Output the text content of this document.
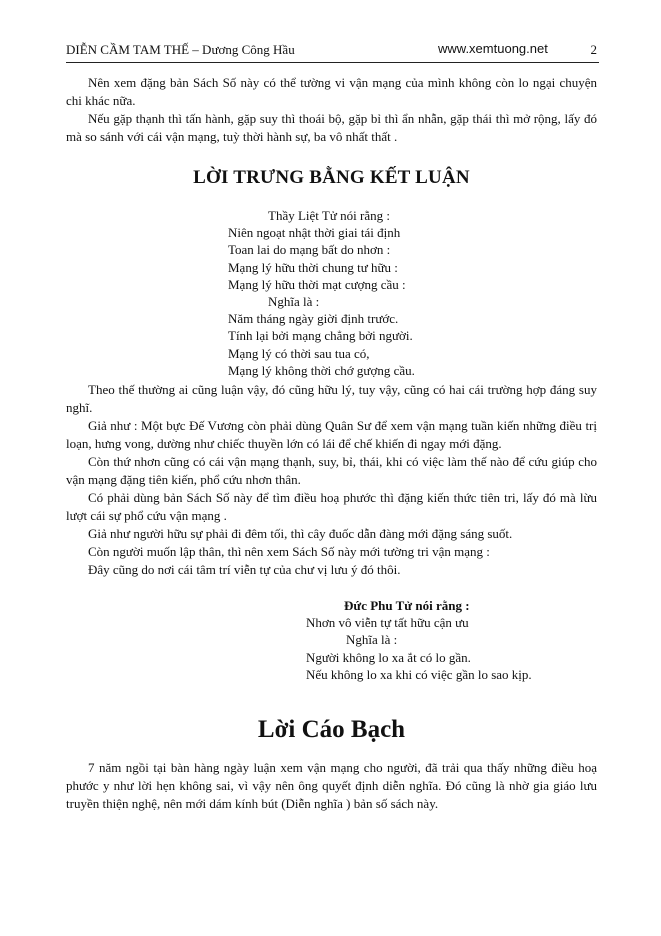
DIỄN CẦM TAM THẾ – Dương Công Hầu	www.xemtuong.net	2

Nên xem đặng bản Sách Số này có thể tường vi vận mạng của mình không còn lo ngại chuyện chi khác nữa.

Nếu gặp thạnh thì tấn hành, gặp suy thì thoái bộ, gặp bỉ thì ẩn nhẫn, gặp thái thì mở rộng, lấy đó mà so sánh với cái vận mạng, tuỳ thời hành sự, ba vô nhất thất .

LỜI TRƯNG BẰNG KẾT LUẬN
Thầy Liệt Tử nói rằng :
Niên ngoạt nhật thời giai tái định
Toan lai do mạng bất do nhơn :
Mạng lý hữu thời chung tư hữu :
Mạng lý hữu thời mạt cượng cầu :
Nghĩa là :
Năm tháng ngày giời định trước.
Tính lại bởi mạng chẳng bởi người.
Mạng lý có thời sau tua có,
Mạng lý không thời chớ gượng cầu.

Theo thế thường ai cũng luận vậy, đó cũng hữu lý, tuy vậy, cũng có hai cái trường hợp đáng suy nghĩ.

Giả như : Một bực Đế Vương còn phải dùng Quân Sư để xem vận mạng tuần kiến những điều trị loạn, hưng vong, dường như chiếc thuyền lớn có lái để chế khiến đi ngay mới đặng.

Còn thứ nhơn cũng có cái vận mạng thạnh, suy, bỉ, thái, khi có việc làm thế nào để cứu giúp cho vận mạng đặng tiên kiến, phổ cứu nhơn thân.

Có phải dùng bản Sách Số này để tìm điều hoạ phước thì đặng kiến thức tiên tri, lấy đó mà lừu lượt cái sự phổ cứu vận mạng .

Giả như người hữu sự phải đi đêm tối, thì cây đuốc dẫn đàng mới đặng sáng suốt.

Còn người muốn lập thân, thì nên xem Sách Số này mới tường tri vận mạng :

Đây cũng do nơi cái tâm trí viễn tự của chư vị lưu ý đó thôi.

Đức Phu Tử nói rằng :
Nhơn vô viễn tự tất hữu cận ưu
Nghĩa là :
Người không lo xa ắt có lo gần.
Nếu không lo xa khi có việc gần lo sao kịp.
Lời Cáo Bạch

7 năm ngồi tại bàn hàng ngày luận xem vận mạng cho người, đã trải qua thấy những điều hoạ phước y như lời hẹn không sai, vì vậy nên ông quyết định diễn nghĩa. Đó cũng là nhờ gia giáo lưu truyền thiện nghệ, nên mới dám kính bút (Diễn nghĩa ) bản số sách này.
